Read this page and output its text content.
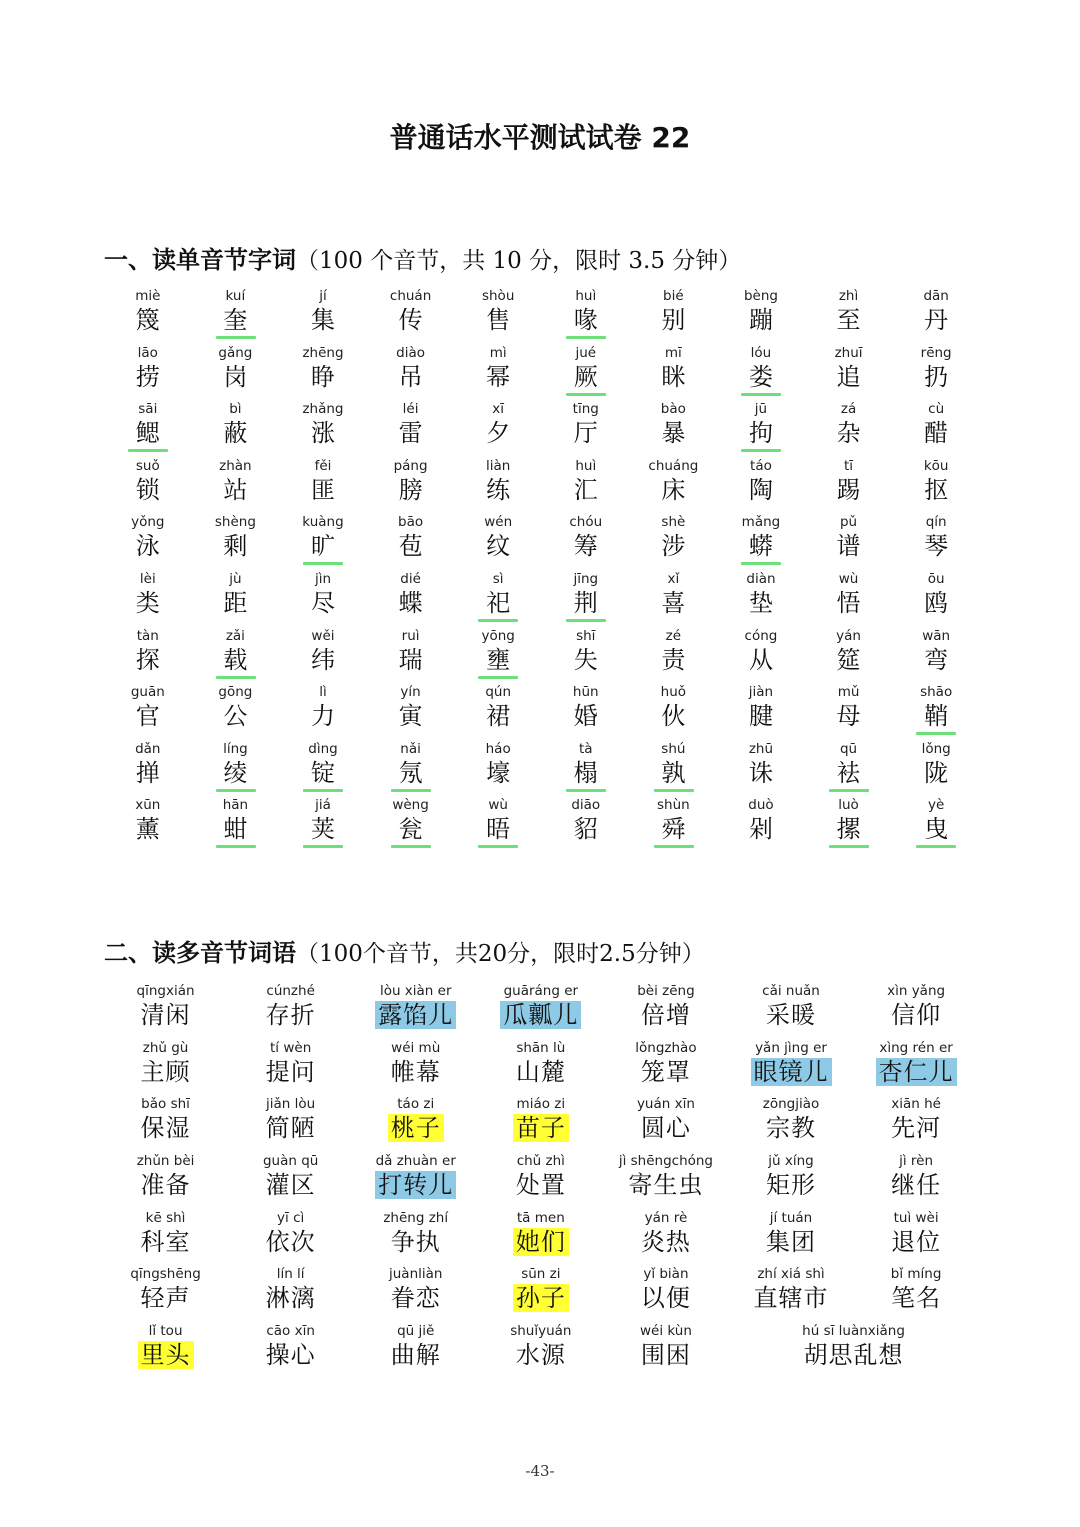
普通话水平测试试卷 22
一、读单音节字词（100 个音节，共 10 分，限时 3.5 分钟）
miè
篾
kuí
奎
jí
集
chuán
传
shòu
售
huì
喙
bié
别
bèng
蹦
zhì
至
dān
丹
lāo
捞
gǎng
岗
zhēng
睁
diào
吊
mì
幂
jué
厥
mī
眯
lóu
娄
zhuī
追
rēng
扔
sāi
鳃
bì
蔽
zhǎng
涨
léi
雷
xī
夕
tīng
厅
bào
暴
jū
拘
zá
杂
cù
醋
suǒ
锁
zhàn
站
fěi
匪
páng
膀
liàn
练
huì
汇
chuáng
床
táo
陶
tī
踢
kōu
抠
yǒng
泳
shèng
剩
kuàng
旷
bāo
苞
wén
纹
chóu
筹
shè
涉
mǎng
蟒
pǔ
谱
qín
琴
lèi
类
jù
距
jìn
尽
dié
蝶
sì
祀
jīng
荆
xǐ
喜
diàn
垫
wù
悟
ōu
鸥
tàn
探
zǎi
载
wěi
纬
ruì
瑞
yōng
壅
shī
失
zé
责
cóng
从
yán
筵
wān
弯
guān
官
gōng
公
lì
力
yín
寅
qún
裙
hūn
婚
huǒ
伙
jiàn
腱
mǔ
母
shāo
鞘
dǎn
掸
líng
绫
dìng
锭
nǎi
氖
háo
壕
tà
榻
shú
孰
zhū
诛
qū
袪
lǒng
陇
xūn
薰
hān
蚶
jiá
荚
wèng
瓮
wù
晤
diāo
貂
shùn
舜
duò
剁
luò
摞
yè
曳
二、读多音节词语（100个音节，共20分，限时2.5分钟）
qīngxián
清闲
cúnzhé
存折
lòu xiàn er
露馅儿
guāráng er
瓜瓤儿
bèi zēng
倍增
cǎi nuǎn
采暖
xìn yǎng
信仰
zhǔ gù
主顾
tí wèn
提问
wéi mù
帷幕
shān lù
山麓
lǒngzhào
笼罩
yǎn jìng er
眼镜儿
xìng rén er
杏仁儿
bǎo shī
保湿
jiǎn lòu
简陋
táo zi
桃子
miáo zi
苗子
yuán xīn
圆心
zōngjiào
宗教
xiān hé
先河
zhǔn bèi
准备
guàn qū
灌区
dǎ zhuàn er
打转儿
chǔ zhì
处置
jì shēngchóng
寄生虫
jǔ xíng
矩形
jì rèn
继任
kē shì
科室
yī cì
依次
zhēng zhí
争执
tā men
她们
yán rè
炎热
jí tuán
集团
tuì wèi
退位
qīngshēng
轻声
lín lí
淋漓
juànliàn
眷恋
sūn zi
孙子
yǐ biàn
以便
zhí xiá shì
直辖市
bǐ míng
笔名
lǐ tou
里头
cāo xīn
操心
qū jiě
曲解
shuǐyuán
水源
wéi kùn
围困
hú sī luànxiǎng
胡思乱想
-43-
